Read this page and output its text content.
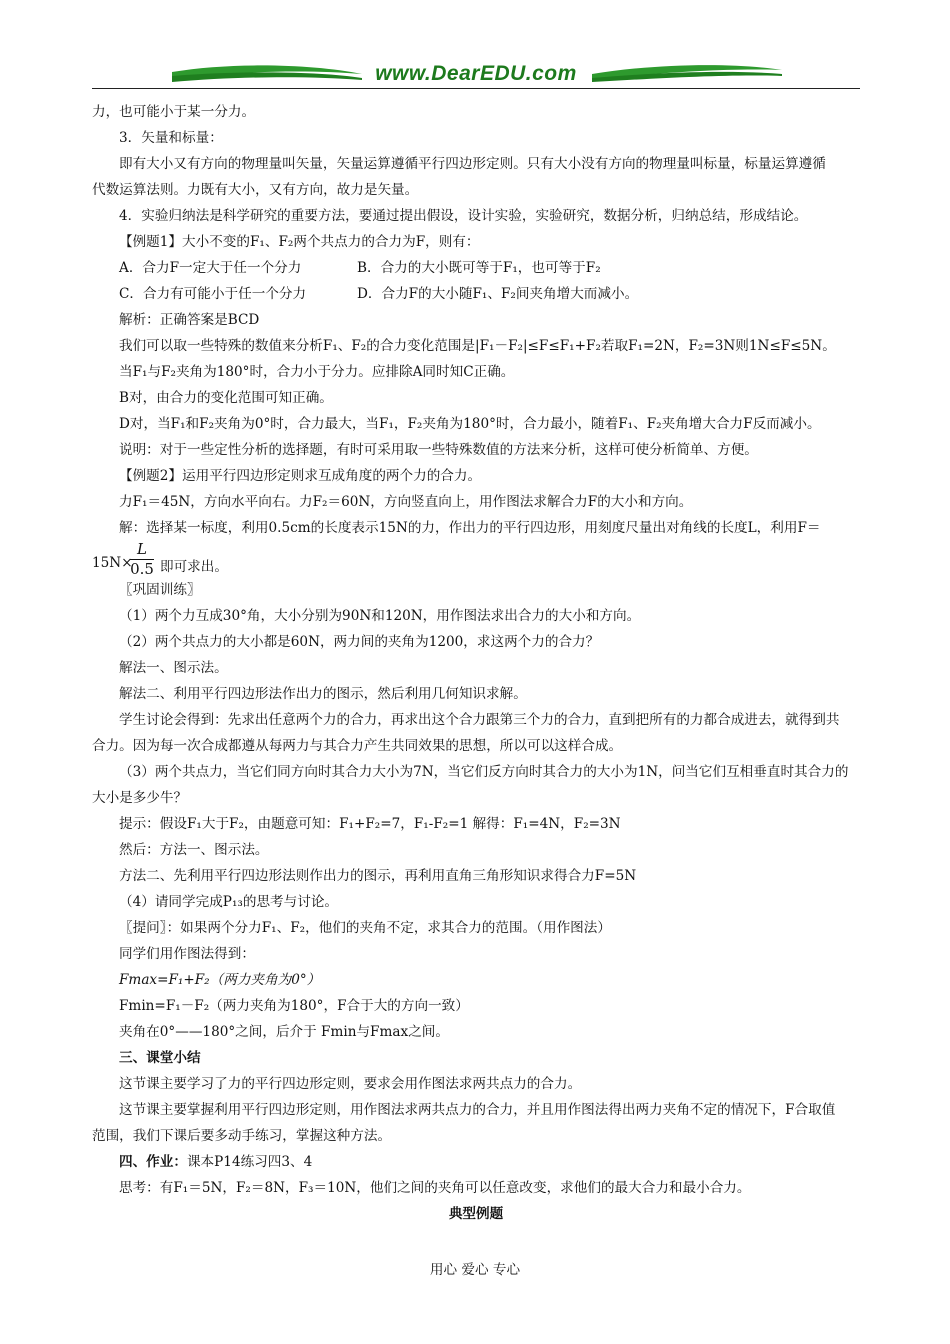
www.DearEDU.com
力，也可能小于某一分力。
3．矢量和标量：
即有大小又有方向的物理量叫矢量，矢量运算遵循平行四边形定则。只有大小没有方向的物理量叫标量，标量运算遵循
代数运算法则。力既有大小，又有方向，故力是矢量。
4．实验归纳法是科学研究的重要方法，要通过提出假设，设计实验，实验研究，数据分析，归纳总结，形成结论。
【例题1】大小不变的F₁、F₂两个共点力的合力为F，则有：
A．合力F一定大于任一个分力	B．合力的大小既可等于F₁，也可等于F₂
C．合力有可能小于任一个分力	D．合力F的大小随F₁、F₂间夹角增大而减小。
解析：正确答案是BCD
我们可以取一些特殊的数值来分析F₁、F₂的合力变化范围是|F₁－F₂|≤F≤F₁+F₂若取F₁=2N，F₂=3N则1N≤F≤5N。
当F₁与F₂夹角为180°时，合力小于分力。应排除A同时知C正确。
B对，由合力的变化范围可知正确。
D对，当F₁和F₂夹角为0°时，合力最大，当F₁，F₂夹角为180°时，合力最小，随着F₁、F₂夹角增大合力F反而减小。
说明：对于一些定性分析的选择题，有时可采用取一些特殊数值的方法来分析，这样可使分析简单、方便。
【例题2】运用平行四边形定则求互成角度的两个力的合力。
力F₁＝45N，方向水平向右。力F₂＝60N，方向竖直向上，用作图法求解合力F的大小和方向。
解：选择某一标度，利用0.5cm的长度表示15N的力，作出力的平行四边形，用刻度尺量出对角线的长度L，利用F＝
15N×
L
0.5 即可求出。
〖巩固训练〗
（1）两个力互成30°角，大小分别为90N和120N，用作图法求出合力的大小和方向。
（2）两个共点力的大小都是60N，两力间的夹角为1200，求这两个力的合力？
解法一、图示法。
解法二、利用平行四边形法作出力的图示，然后利用几何知识求解。
学生讨论会得到：先求出任意两个力的合力，再求出这个合力跟第三个力的合力，直到把所有的力都合成进去，就得到共
合力。因为每一次合成都遵从每两力与其合力产生共同效果的思想，所以可以这样合成。
（3）两个共点力，当它们同方向时其合力大小为7N，当它们反方向时其合力的大小为1N，问当它们互相垂直时其合力的
大小是多少牛？
提示：假设F₁大于F₂，由题意可知：F₁+F₂=7，F₁-F₂=1 解得：F₁=4N，F₂=3N
然后：方法一、图示法。
方法二、先利用平行四边形法则作出力的图示，再利用直角三角形知识求得合力F=5N
（4）请同学完成P₁₃的思考与讨论。
〖提问〗：如果两个分力F₁、F₂，他们的夹角不定，求其合力的范围。（用作图法）
同学们用作图法得到：
Fmax=F₁+F₂（两力夹角为0°）
Fmin=F₁－F₂（两力夹角为180°，F合于大的方向一致）
夹角在0°——180°之间，后介于 Fmin与Fmax之间。
三、课堂小结
这节课主要学习了力的平行四边形定则，要求会用作图法求两共点力的合力。
这节课主要掌握利用平行四边形定则，用作图法求两共点力的合力，并且用作图法得出两力夹角不定的情况下，F合取值
范围，我们下课后要多动手练习，掌握这种方法。
四、作业：课本P14练习四3、4
思考：有F₁＝5N，F₂＝8N，F₃＝10N，他们之间的夹角可以任意改变，求他们的最大合力和最小合力。
典型例题
用心 爱心 专心
